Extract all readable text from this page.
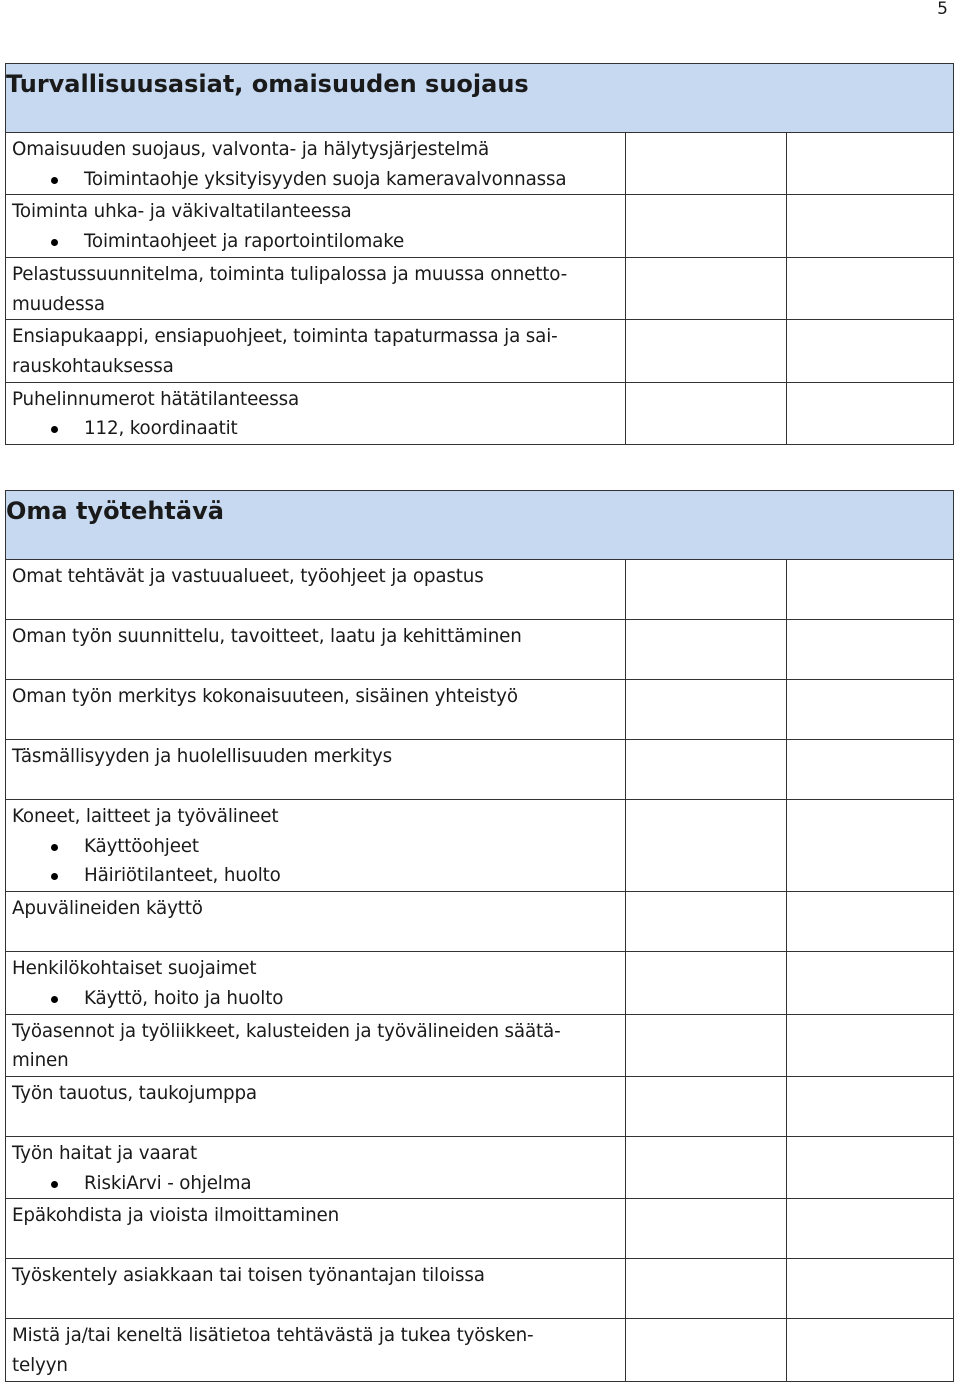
5
Turvallisuusasiat, omaisuuden suojaus		

Omaisuuden suojaus, valvonta- ja hälytysjärjestelmä
Toimintaohje yksityisyyden suoja kameravalvonnassa		

Toiminta uhka- ja väkivaltatilanteessa
Toimintaohjeet ja raportointilomake		

Pelastussuunnitelma, toiminta tulipalossa ja muussa onnetto-
muudessa		

Ensiapukaappi, ensiapuohjeet, toiminta tapaturmassa ja sai-
rauskohtauksessa		

Puhelinnumerot hätätilanteessa
112, koordinaatit		

Oma työtehtävä		

Omat tehtävät ja vastuualueet, työohjeet ja opastus		

Oman työn suunnittelu, tavoitteet, laatu ja kehittäminen		

Oman työn merkitys kokonaisuuteen, sisäinen yhteistyö		

Täsmällisyyden ja huolellisuuden merkitys		

Koneet, laitteet ja työvälineet
Käyttöohjeet
Häiriötilanteet, huolto		

Apuvälineiden käyttö		

Henkilökohtaiset suojaimet
Käyttö, hoito ja huolto		

Työasennot ja työliikkeet, kalusteiden ja työvälineiden säätä-
minen		

Työn tauotus, taukojumppa		

Työn haitat ja vaarat
RiskiArvi - ohjelma		

Epäkohdista ja vioista ilmoittaminen		

Työskentely asiakkaan tai toisen työnantajan tiloissa		

Mistä ja/tai keneltä lisätietoa tehtävästä ja tukea työsken-
telyyn		
